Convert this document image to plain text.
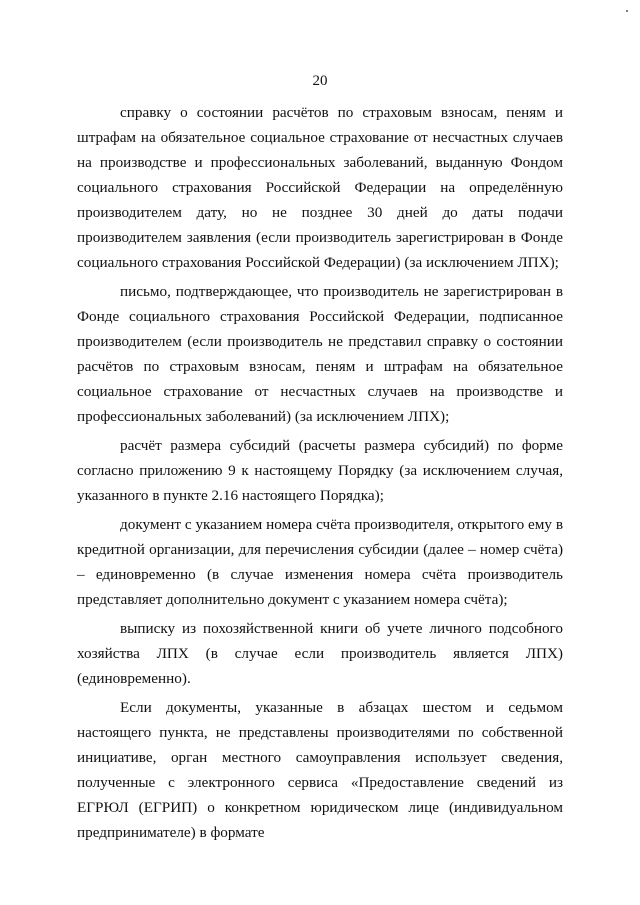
20

справку о состоянии расчётов по страховым взносам, пеням и штрафам на обязательное социальное страхование от несчастных случаев на производстве и профессиональных заболеваний, выданную Фондом социального страхования Российской Федерации на определённую производителем дату, но не позднее 30 дней до даты подачи производителем заявления (если производитель зарегистрирован в Фонде социального страхования Российской Федерации) (за исключением ЛПХ);

письмо, подтверждающее, что производитель не зарегистрирован в Фонде социального страхования Российской Федерации, подписанное производителем (если производитель не представил справку о состоянии расчётов по страховым взносам, пеням и штрафам на обязательное социальное страхование от несчастных случаев на производстве и профессиональных заболеваний) (за исключением ЛПХ);

расчёт размера субсидий (расчеты размера субсидий) по форме согласно приложению 9 к настоящему Порядку (за исключением случая, указанного в пункте 2.16 настоящего Порядка);

документ с указанием номера счёта производителя, открытого ему в кредитной организации, для перечисления субсидии (далее – номер счёта) – единовременно (в случае изменения номера счёта производитель представляет дополнительно документ с указанием номера счёта);

выписку из похозяйственной книги об учете личного подсобного хозяйства ЛПХ (в случае если производитель является ЛПХ) (единовременно).

Если документы, указанные в абзацах шестом и седьмом настоящего пункта, не представлены производителями по собственной инициативе, орган местного самоуправления использует сведения, полученные с электронного сервиса «Предоставление сведений из ЕГРЮЛ (ЕГРИП) о конкретном юридическом лице (индивидуальном предпринимателе) в формате
